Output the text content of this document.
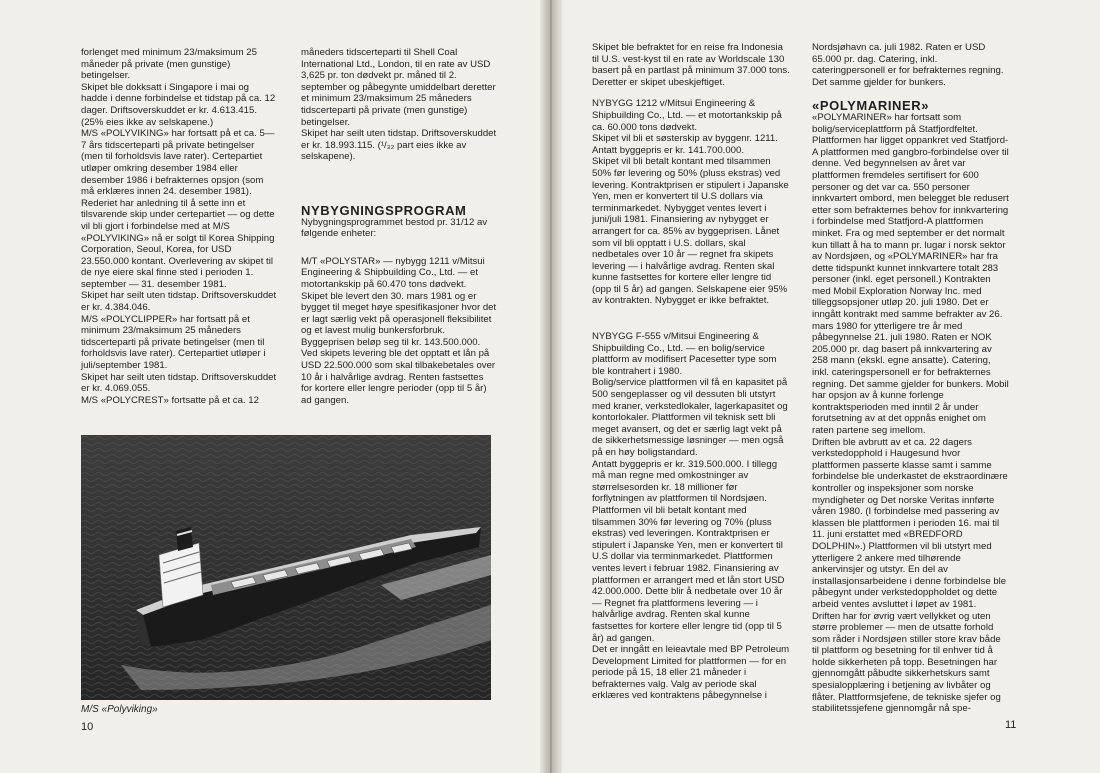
forlenget med minimum 23/maksimum 25 måneder på private (men gunstige) betingelser.

Skipet ble dokksatt i Singapore i mai og hadde i denne forbindelse et tidstap på ca. 12 dager. Driftsoverskuddet er kr. 4.613.415. (25% eies ikke av selskapene.)

M/S «POLYVIKING» har fortsatt på et ca. 5—7 års tidscerteparti på private betingelser (men til forholdsvis lave rater). Certepartiet utløper omkring desember 1984 eller desember 1986 i befrakternes opsjon (som må erklæres innen 24. desember 1981). Rederiet har anledning til å sette inn et tilsvarende skip under certepartiet — og dette vil bli gjort i forbindelse med at M/S «POLYVIKING» nå er solgt til Korea Shipping Corporation, Seoul, Korea, for USD 23.550.000 kontant. Overlevering av skipet til de nye eiere skal finne sted i perioden 1. september — 31. desember 1981.

Skipet har seilt uten tidstap. Driftsoverskuddet er kr. 4.384.046.

M/S «POLYCLIPPER» har fortsatt på et minimum 23/maksimum 25 måneders tidscerteparti på private betingelser (men til forholdsvis lave rater). Certepartiet utløper i juli/september 1981.

Skipet har seilt uten tidstap. Driftsoverskuddet er kr. 4.069.055.

M/S «POLYCREST» fortsatte på et ca. 12

måneders tidscerteparti til Shell Coal International Ltd., London, til en rate av USD 3,625 pr. ton dødvekt pr. måned til 2. september og påbegynte umiddelbart deretter et minimum 23/maksimum 25 måneders tidscerteparti på private (men gunstige) betingelser.

Skipet har seilt uten tidstap. Driftsoverskuddet er kr. 18.993.115. (¹/₃₂ part eies ikke av selskapene).

NYBYGNINGSPROGRAM

Nybygningsprogrammet bestod pr. 31/12 av følgende enheter:

M/T «POLYSTAR» — nybygg 1211 v/Mitsui Engineering & Shipbuilding Co., Ltd. — et motortankskip på 60.470 tons dødvekt.

Skipet ble levert den 30. mars 1981 og er bygget til meget høye spesifikasjoner hvor det er lagt særlig vekt på operasjonell fleksibilitet og et lavest mulig bunkersforbruk. Byggeprisen beløp seg til kr. 143.500.000. Ved skipets levering ble det opptatt et lån på USD 22.500.000 som skal tilbakebetales over 10 år i halvårlige avdrag. Renten fastsettes for kortere eller lengre perioder (opp til 5 år) ad gangen.

M/S «Polyviking»
10

Skipet ble befraktet for en reise fra Indonesia til U.S. vest-kyst til en rate av Worldscale 130 basert på en partlast på minimum 37.000 tons. Deretter er skipet ubeskjeftiget.

NYBYGG 1212 v/Mitsui Engineering & Shipbuilding Co., Ltd. — et motortankskip på ca. 60.000 tons dødvekt.

Skipet vil bli et søsterskip av byggenr. 1211. Antatt byggepris er kr. 141.700.000.

Skipet vil bli betalt kontant med tilsammen 50% før levering og 50% (pluss ekstras) ved levering. Kontraktprisen er stipulert i Japanske Yen, men er konvertert til U.S dollars via terminmarkedet. Nybygget ventes levert i juni/juli 1981. Finansiering av nybygget er arrangert for ca. 85% av byggeprisen. Lånet som vil bli opptatt i U.S. dollars, skal nedbetales over 10 år — regnet fra skipets levering — i halvårlige avdrag. Renten skal kunne fastsettes for kortere eller lengre tid (opp til 5 år) ad gangen. Selskapene eier 95% av kontrakten. Nybygget er ikke befraktet.

NYBYGG F-555 v/Mitsui Engineering & Shipbuilding Co., Ltd. — en bolig/service plattform av modifisert Pacesetter type som ble kontrahert i 1980.

Bolig/service plattformen vil få en kapasitet på 500 sengeplasser og vil dessuten bli utstyrt med kraner, verkstedlokaler, lagerkapasitet og kontorlokaler. Plattformen vil teknisk sett bli meget avansert, og det er særlig lagt vekt på de sikkerhetsmessige løsninger — men også på en høy boligstandard.

Antatt byggepris er kr. 319.500.000. I tillegg må man regne med omkostninger av størrelsesorden kr. 18 millioner før forflytningen av plattformen til Nordsjøen. Plattformen vil bli betalt kontant med tilsammen 30% før levering og 70% (pluss ekstras) ved leveringen. Kontraktprisen er stipulert i Japanske Yen, men er konvertert til U.S dollar via terminmarkedet. Plattformen ventes levert i februar 1982. Finansiering av plattformen er arrangert med et lån stort USD 42.000.000. Dette blir å nedbetale over 10 år — Regnet fra plattformens levering — i halvårlige avdrag. Renten skal kunne fastsettes for kortere eller lengre tid (opp til 5 år) ad gangen.

Det er inngått en leieavtale med BP Petroleum Development Limited for plattformen — for en periode på 15, 18 eller 21 måneder i befrakternes valg. Valg av periode skal erklæres ved kontraktens påbegynnelse i

Nordsjøhavn ca. juli 1982. Raten er USD 65.000 pr. dag. Catering, inkl. cateringpersonell er for befrakternes regning. Det samme gjelder for bunkers.

«POLYMARINER»

«POLYMARINER» har fortsatt som bolig/serviceplattform på Statfjordfeltet. Plattformen har ligget oppankret ved Statfjord-A plattformen med gangbro-forbindelse over til denne. Ved begynnelsen av året var plattformen fremdeles sertifisert for 600 personer og det var ca. 550 personer innkvartert ombord, men belegget ble redusert etter som befrakternes behov for innkvartering i forbindelse med Statfjord-A plattformen minket. Fra og med september er det normalt kun tillatt å ha to mann pr. lugar i norsk sektor av Nordsjøen, og «POLYMARINER» har fra dette tidspunkt kunnet innkvartere totalt 283 personer (inkl. eget personell.) Kontrakten med Mobil Exploration Norway Inc. med tilleggsopsjoner utløp 20. juli 1980. Det er inngått kontrakt med samme befrakter av 26. mars 1980 for ytterligere tre år med påbegynnelse 21. juli 1980. Raten er NOK 205.000 pr. dag basert på innkvartering av 258 mann (ekskl. egne ansatte). Catering, inkl. cateringspersonell er for befrakternes regning. Det samme gjelder for bunkers. Mobil har opsjon av å kunne forlenge kontraktsperioden med inntil 2 år under forutsetning av at det oppnås enighet om raten partene seg imellom.

Driften ble avbrutt av et ca. 22 dagers verkstedopphold i Haugesund hvor plattformen passerte klasse samt i samme forbindelse ble underkastet de ekstraordinære kontroller og inspeksjoner som norske myndigheter og Det norske Veritas innførte våren 1980. (I forbindelse med passering av klassen ble plattformen i perioden 16. mai til 11. juni erstattet med «BREDFORD DOLPHIN».) Plattformen vil bli utstyrt med ytterligere 2 ankere med tilhørende ankervinsjer og utstyr. En del av installasjonsarbeidene i denne forbindelse ble påbegynt under verkstedoppholdet og dette arbeid ventes avsluttet i løpet av 1981.

Driften har for øvrig vært vellykket og uten større problemer — men de utsatte forhold som råder i Nordsjøen stiller store krav både til plattform og besetning for til enhver tid å holde sikkerheten på topp. Besetningen har gjennomgått påbudte sikkerhetskurs samt spesialopplæring i betjening av livbåter og flåter. Plattformsjefene, de tekniske sjefer og stabilitetssjefene gjennomgår nå spe-

11
